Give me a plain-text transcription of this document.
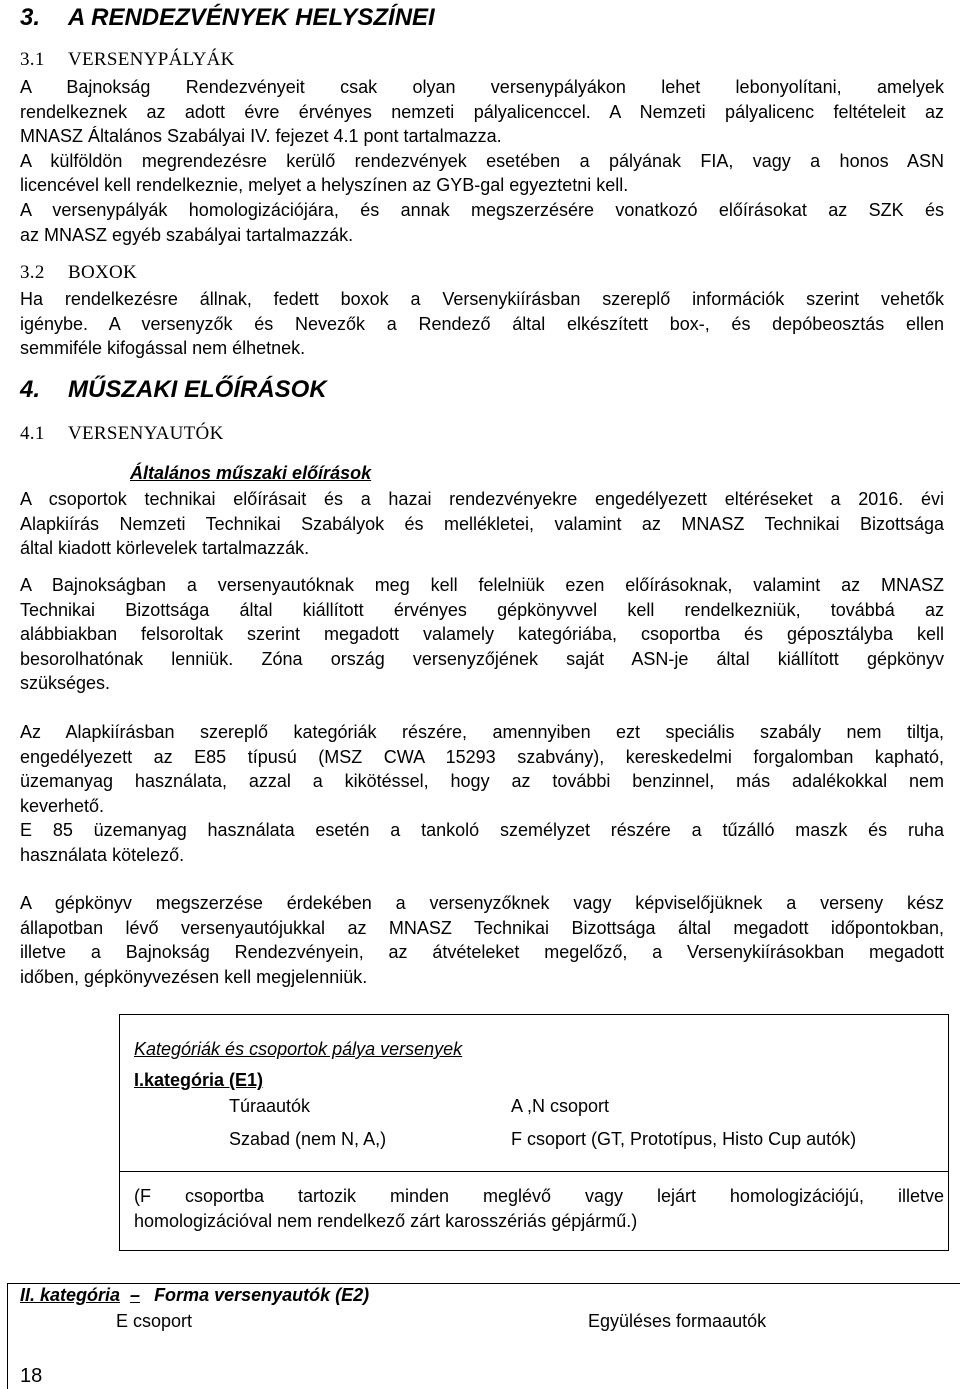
3. A RENDEZVÉNYEK HELYSZÍNEI
3.1 VERSENYPÁLYÁK
A Bajnokság Rendezvényeit csak olyan versenypályákon lehet lebonyolítani, amelyek
rendelkeznek az adott évre érvényes nemzeti pályalicenccel. A Nemzeti pályalicenc feltételeit az
MNASZ Általános Szabályai IV. fejezet 4.1 pont tartalmazza.
A külföldön megrendezésre kerülő rendezvények esetében a pályának FIA, vagy a honos ASN
licencével kell rendelkeznie, melyet a helyszínen az GYB-gal egyeztetni kell.
A versenypályák homologizációjára, és annak megszerzésére vonatkozó előírásokat az SZK és
az MNASZ egyéb szabályai tartalmazzák.
3.2 BOXOK
Ha rendelkezésre állnak, fedett boxok a Versenykiírásban szereplő információk szerint vehetők
igénybe. A versenyzők és Nevezők a Rendező által elkészített box-, és depóbeosztás ellen
semmiféle kifogással nem élhetnek.
4. MŰSZAKI ELŐÍRÁSOK
4.1 VERSENYAUTÓK
Általános műszaki előírások
A csoportok technikai előírásait és a hazai rendezvényekre engedélyezett eltéréseket a 2016. évi
Alapkiírás Nemzeti Technikai Szabályok és mellékletei, valamint az MNASZ Technikai Bizottsága
által kiadott körlevelek tartalmazzák.
A Bajnokságban a versenyautóknak meg kell felelniük ezen előírásoknak, valamint az MNASZ
Technikai Bizottsága által kiállított érvényes gépkönyvvel kell rendelkezniük, továbbá az
alábbiakban felsoroltak szerint megadott valamely kategóriába, csoportba és géposztályba kell
besorolhatónak lenniük. Zóna ország versenyzőjének saját ASN-je által kiállított gépkönyv
szükséges.
Az Alapkiírásban szereplő kategóriák részére, amennyiben ezt speciális szabály nem tiltja,
engedélyezett az E85 típusú (MSZ CWA 15293 szabvány), kereskedelmi forgalomban kapható,
üzemanyag használata, azzal a kikötéssel, hogy az további benzinnel, más adalékokkal nem
keverhető.
E 85 üzemanyag használata esetén a tankoló személyzet részére a tűzálló maszk és ruha
használata kötelező.
A gépkönyv megszerzése érdekében a versenyzőknek vagy képviselőjüknek a verseny kész
állapotban lévő versenyautójukkal az MNASZ Technikai Bizottsága által megadott időpontokban,
illetve a Bajnokság Rendezvényein, az átvételeket megelőző, a Versenykiírásokban megadott
időben, gépkönyvezésen kell megjelenniük.
Kategóriák és csoportok pálya versenyek
I.kategória (E1)
Túraautók	A ,N csoport
Szabad (nem N, A,)	F csoport (GT, Prototípus, Histo Cup autók)
(F csoportba tartozik minden meglévő vagy lejárt homologizációjú, illetve
homologizációval nem rendelkező zárt karosszériás gépjármű.)
II. kategória – Forma versenyautók (E2)
E csoport	Együléses formaautók
18
